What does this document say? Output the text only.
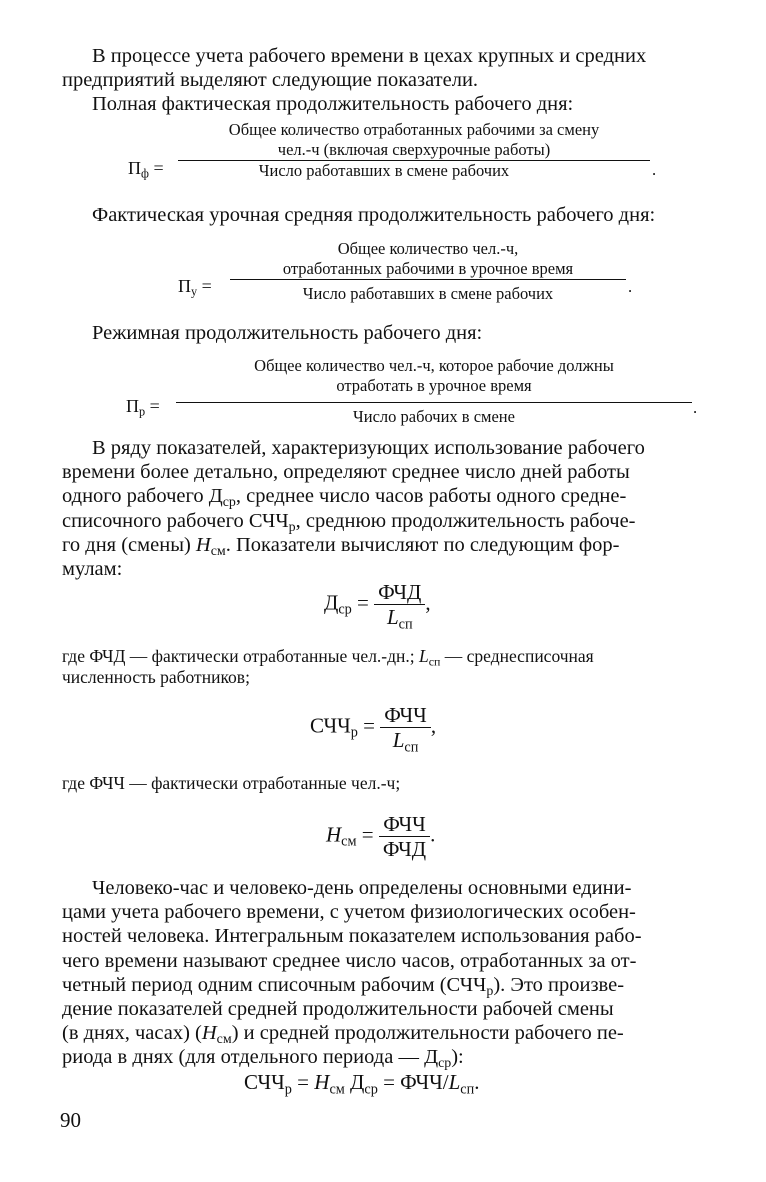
В процессе учета рабочего времени в цехах крупных и средних
предприятий выделяют следующие показатели.

Полная фактическая продолжительность рабочего дня:

$П_ф$ =
Общее количество отработанных рабочими за смену
чел.-ч (включая сверхурочные работы)
Число работавших в смене рабочих	.

Фактическая урочная средняя продолжительность рабочего дня:

$П_у$ =
Общее количество чел.-ч,
отработанных рабочими в урочное время
Число работавших в смене рабочих	.

Режимная продолжительность рабочего дня:

$П_р$ =
Общее количество чел.-ч, которое рабочие должны
отработать в урочное время
Число рабочих в смене	.

В ряду показателей, характеризующих использование рабочего
времени более детально, определяют среднее число дней работы
одного рабочего $Д_{ср}$, среднее число часов работы одного средне-
списочного рабочего $СЧЧ_р$, среднюю продолжительность рабоче-
го дня (смены) $Н_{см}$. Показатели вычисляют по следующим фор-
мулам:

$Д_{ср}$ = ФЧД
$L_{сп}$
,

где ФЧД — фактически отработанные чел.-дн.; $L_{сп}$ — среднесписочная
численность работников;

$СЧЧ_р$ = ФЧЧ
$L_{сп}$
,

где ФЧЧ — фактически отработанные чел.-ч;

$Н_{см}$ = ФЧЧ
ФЧД
.

Человеко-час и человеко-день определены основными едини-
цами учета рабочего времени, с учетом физиологических особен-
ностей человека. Интегральным показателем использования рабо-
чего времени называют среднее число часов, отработанных за от-
четный период одним списочным рабочим $(СЧЧ_р)$. Это произве-
дение показателей средней продолжительности рабочей смены
(в днях, часах) $(Н_{см})$ и средней продолжительности рабочего пе-
риода в днях (для отдельного периода — $Д_{ср}$):

$СЧЧ_р = Н_{см}$ $Д_{ср} = ФЧЧ/L_{сп}$.
90
